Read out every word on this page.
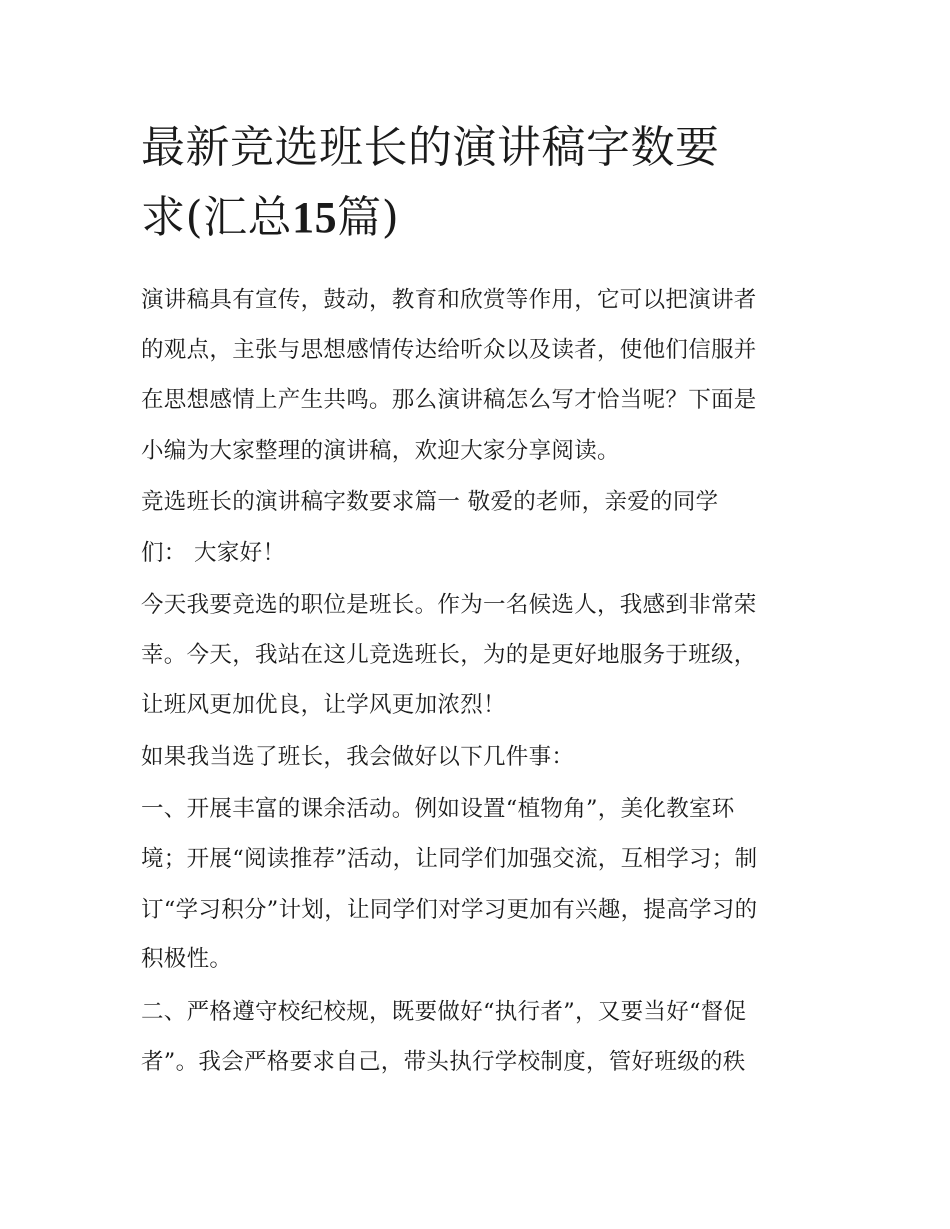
最新竞选班长的演讲稿字数要
求(汇总15篇)
演讲稿具有宣传，鼓动，教育和欣赏等作用，它可以把演讲者
的观点，主张与思想感情传达给听众以及读者，使他们信服并
在思想感情上产生共鸣。那么演讲稿怎么写才恰当呢？下面是
小编为大家整理的演讲稿，欢迎大家分享阅读。
竞选班长的演讲稿字数要求篇一 敬爱的老师，亲爱的同学
们： 大家好！
今天我要竞选的职位是班长。作为一名候选人，我感到非常荣
幸。今天，我站在这儿竞选班长，为的是更好地服务于班级，
让班风更加优良，让学风更加浓烈！
如果我当选了班长，我会做好以下几件事：
一、开展丰富的课余活动。例如设置“植物角”，美化教室环
境；开展“阅读推荐”活动，让同学们加强交流，互相学习；制
订“学习积分”计划，让同学们对学习更加有兴趣，提高学习的
积极性。
二、严格遵守校纪校规，既要做好“执行者”，又要当好“督促
者”。我会严格要求自己，带头执行学校制度，管好班级的秩
